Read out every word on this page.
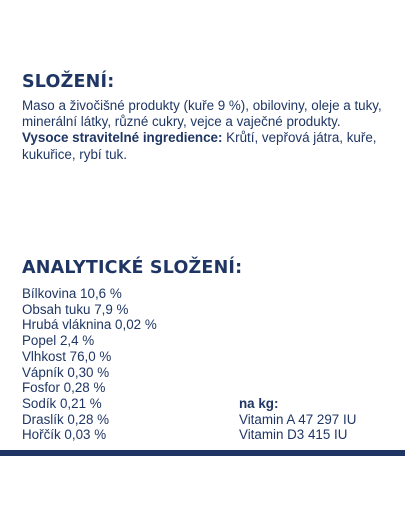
SLOŽENÍ:

Maso a živočišné produkty (kuře 9 %), obiloviny, oleje a tuky, minerální látky, různé cukry, vejce a vaječné produkty.
Vysoce stravitelné ingredience: Krůtí, vepřová játra, kuře, kukuřice, rybí tuk.

ANALYTICKÉ SLOŽENÍ:
Bílkovina 10,6 %
Obsah tuku 7,9 %
Hrubá vláknina 0,02 %
Popel 2,4 %
Vlhkost 76,0 %
Vápník 0,30 %
Fosfor 0,28 %
Sodík 0,21 %
Draslík 0,28 %
Hořčík 0,03 %
na kg:
Vitamin A 47 297 IU
Vitamin D3 415 IU
